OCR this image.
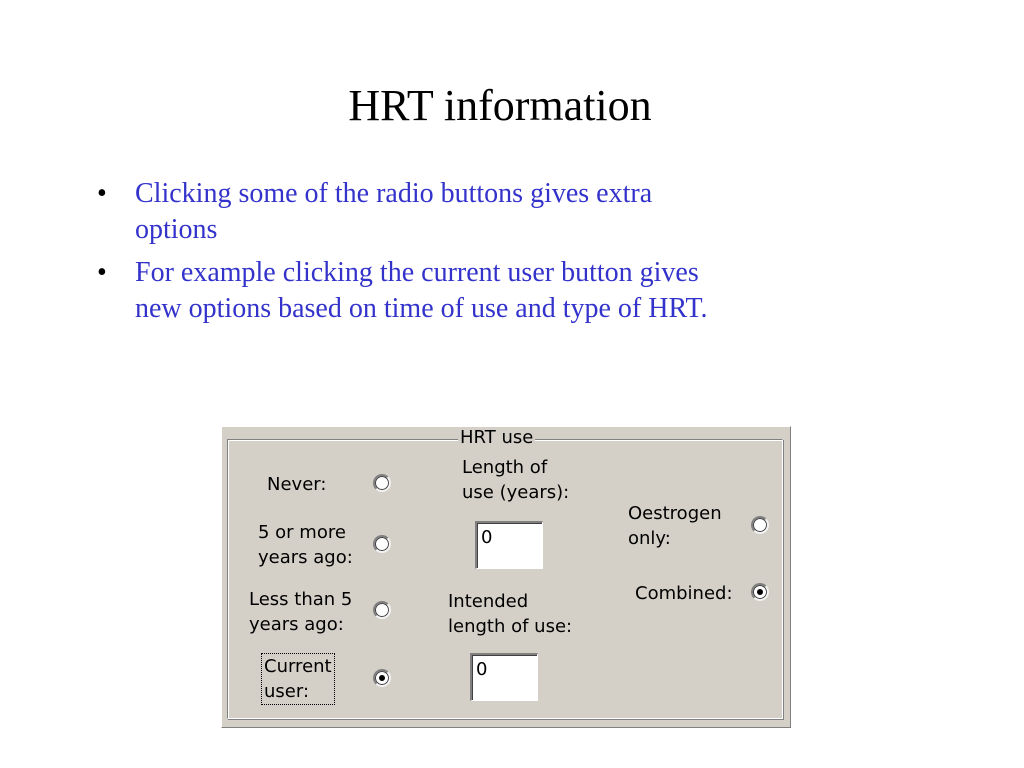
HRT information
• Clicking some of the radio buttons gives extra
options
• For example clicking the current user button gives
new options based on time of use and type of HRT.
HRT use
Never:
5 or more
years ago:
Less than 5
years ago:
Current
user:
Length of
use (years):
0
Intended
length of use:
0
Oestrogen
only:
Combined:
